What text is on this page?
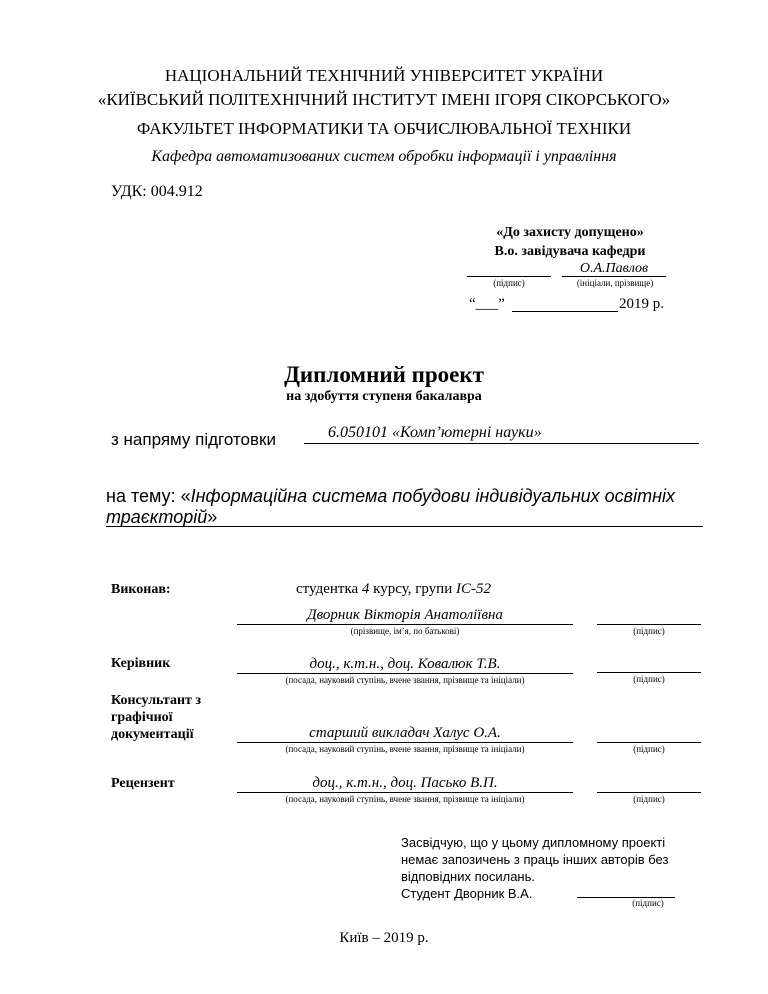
НАЦІОНАЛЬНИЙ ТЕХНІЧНИЙ УНІВЕРСИТЕТ УКРАЇНИ
«КИЇВСЬКИЙ ПОЛІТЕХНІЧНИЙ ІНСТИТУТ ІМЕНІ ІГОРЯ СІКОРСЬКОГО»
ФАКУЛЬТЕТ ІНФОРМАТИКИ ТА ОБЧИСЛЮВАЛЬНОЇ ТЕХНІКИ
Кафедра автоматизованих систем обробки інформації і управління
УДК: 004.912
«До захисту допущено»
В.о. завідувача кафедри
О.А.Павлов
(підпис)	(ініціали, прізвище)
“___”	2019 р.
Дипломний проект
на здобуття ступеня бакалавра
з напряму підготовки	6.050101 «Комп’ютерні науки»
на тему: «Інформаційна система побудови індивідуальних освітніх
траєкторій»
Виконав:	студентка 4 курсу, групи ІС-52
Дворник Вікторія Анатоліївна
(прізвище, ім’я, по батькові)	(підпис)
Керівник	доц., к.т.н., доц. Ковалюк Т.В.
(посада, науковий ступінь, вчене звання, прізвище та ініціали)	(підпис)
Консультант з
графічної
документації	старший викладач Халус О.А.
(посада, науковий ступінь, вчене звання, прізвище та ініціали)	(підпис)
Рецензент	доц., к.т.н., доц. Пасько В.П.
(посада, науковий ступінь, вчене звання, прізвище та ініціали)	(підпис)
Засвідчую, що у цьому дипломному проекті
немає запозичень з праць інших авторів без
відповідних посилань.
Студент Дворник В.А.
(підпис)
Київ – 2019 р.
